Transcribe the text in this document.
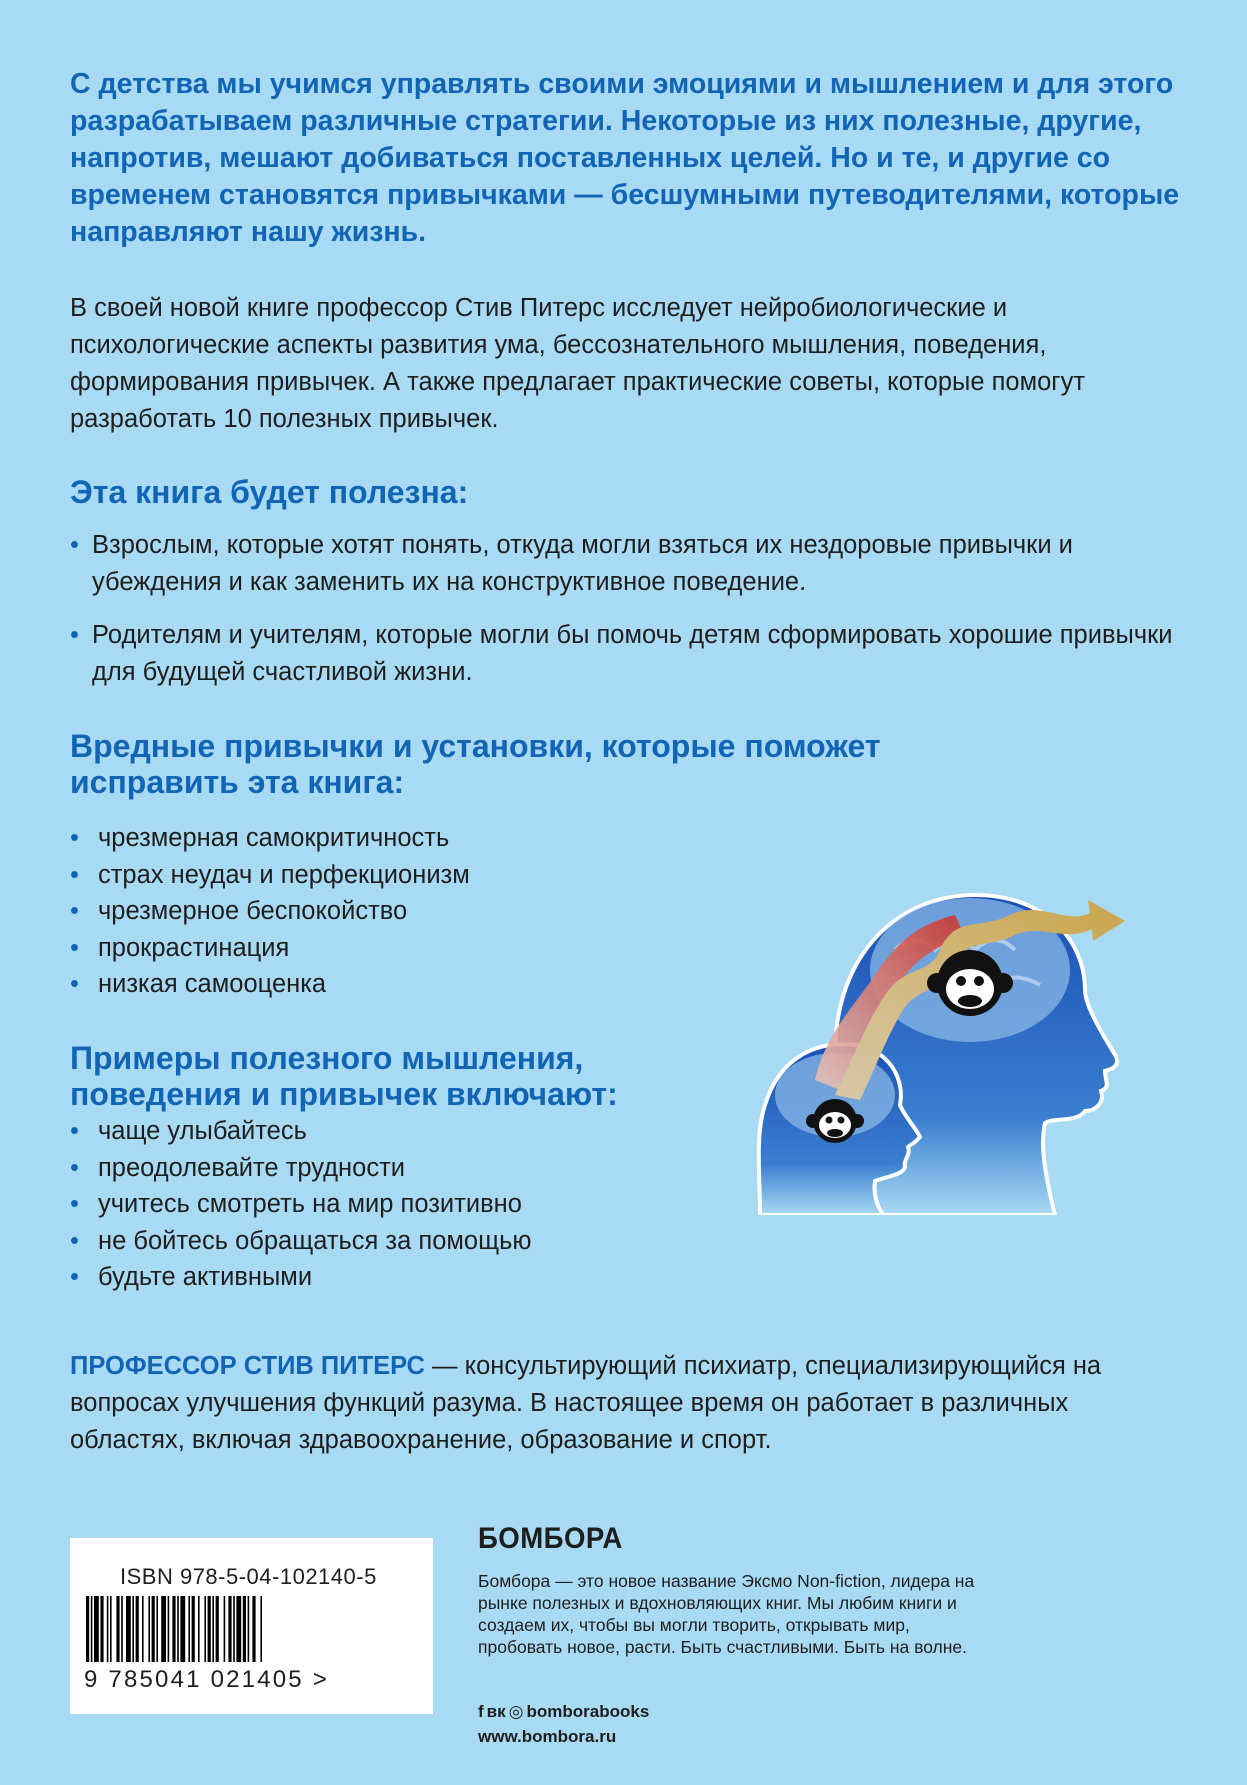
С детства мы учимся управлять своими эмоциями и мышлением и для этого разрабатываем различные стратегии. Некоторые из них полезные, другие, напротив, мешают добиваться поставленных целей. Но и те, и другие со временем становятся привычками — бесшумными путеводителями, которые направляют нашу жизнь.

В своей новой книге профессор Стив Питерс исследует нейробиологические и психологические аспекты развития ума, бессознательного мышления, поведения, формирования привычек. А также предлагает практические советы, которые помогут разработать 10 полезных привычек.

Эта книга будет полезна:
• Взрослым, которые хотят понять, откуда могли взяться их нездоровые привычки и убеждения и как заменить их на конструктивное поведение.
• Родителям и учителям, которые могли бы помочь детям сформировать хорошие привычки для будущей счастливой жизни.
Вредные привычки и установки, которые поможет
исправить эта книга:
• чрезмерная самокритичность
• страх неудач и перфекционизм
• чрезмерное беспокойство
• прокрастинация
• низкая самооценка
Примеры полезного мышления,
поведения и привычек включают:
• чаще улыбайтесь
• преодолевайте трудности
• учитесь смотреть на мир позитивно
• не бойтесь обращаться за помощью
• будьте активными

ПРОФЕССОР СТИВ ПИТЕРС — консультирующий психиатр, специализирующийся на вопросах улучшения функций разума. В настоящее время он работает в различных областях, включая здравоохранение, образование и спорт.

ISBN 978-5-04-102140-5

9 785041 021405 >

БОМБОРА

Бомбора — это новое название Эксмо Non-fiction, лидера на рынке полезных и вдохновляющих книг. Мы любим книги и создаем их, чтобы вы могли творить, открывать мир, пробовать новое, расти. Быть счастливыми. Быть на волне.

f вк ◎ bomborabooks
www.bombora.ru
